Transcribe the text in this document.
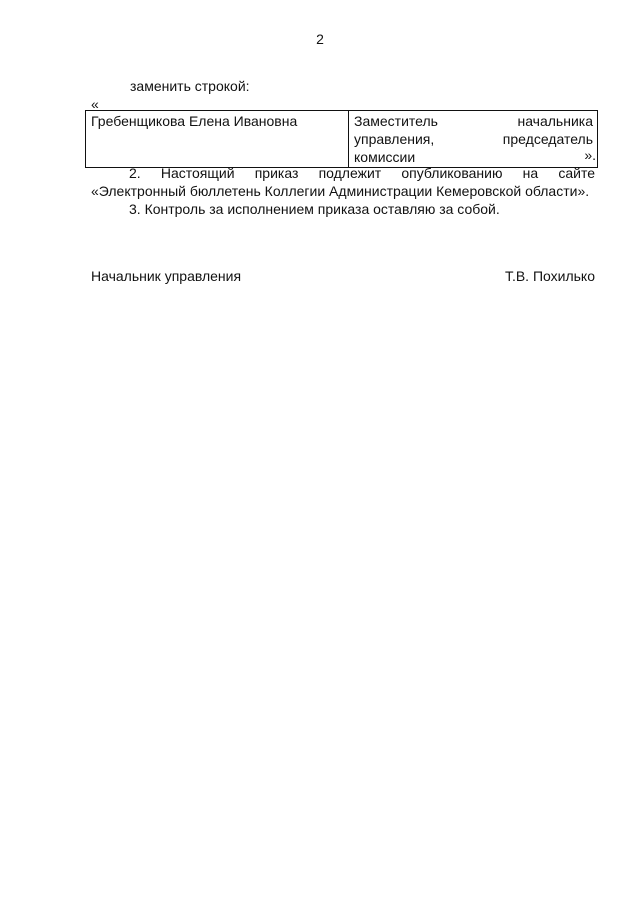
2
заменить строкой:
«
Гребенщикова Елена Ивановна	Заместитель начальника управления, председатель комиссии	».

2. Настоящий приказ подлежит опубликованию на сайте «Электронный бюллетень Коллегии Администрации Кемеровской области».

3. Контроль за исполнением приказа оставляю за собой.

Начальник управления	Т.В. Похилько
